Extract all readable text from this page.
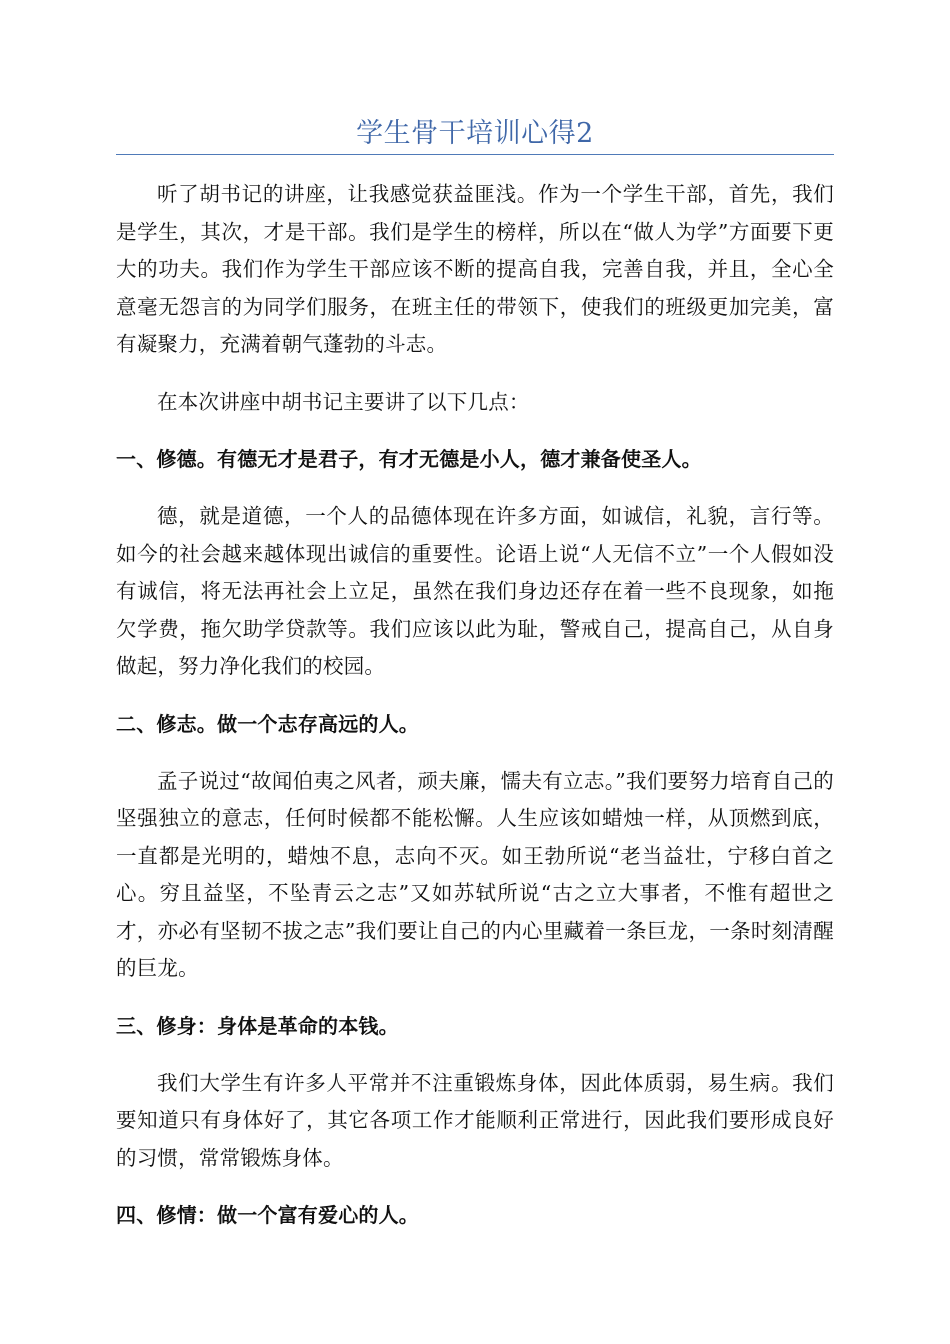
学生骨干培训心得2

听了胡书记的讲座，让我感觉获益匪浅。作为一个学生干部，首先，我们是学生，其次，才是干部。我们是学生的榜样，所以在“做人为学”方面要下更大的功夫。我们作为学生干部应该不断的提高自我，完善自我，并且，全心全意毫无怨言的为同学们服务，在班主任的带领下，使我们的班级更加完美，富有凝聚力，充满着朝气蓬勃的斗志。

在本次讲座中胡书记主要讲了以下几点：

一、修德。有德无才是君子，有才无德是小人，德才兼备使圣人。

德，就是道德，一个人的品德体现在许多方面，如诚信，礼貌，言行等。如今的社会越来越体现出诚信的重要性。论语上说“人无信不立”一个人假如没有诚信，将无法再社会上立足，虽然在我们身边还存在着一些不良现象，如拖欠学费，拖欠助学贷款等。我们应该以此为耻，警戒自己，提高自己，从自身做起，努力净化我们的校园。

二、修志。做一个志存高远的人。

孟子说过“故闻伯夷之风者，顽夫廉，懦夫有立志。”我们要努力培育自己的坚强独立的意志，任何时候都不能松懈。人生应该如蜡烛一样，从顶燃到底，一直都是光明的，蜡烛不息，志向不灭。如王勃所说“老当益壮，宁移白首之心。穷且益坚，不坠青云之志”又如苏轼所说“古之立大事者，不惟有超世之才，亦必有坚韧不拔之志”我们要让自己的内心里藏着一条巨龙，一条时刻清醒的巨龙。

三、修身：身体是革命的本钱。

我们大学生有许多人平常并不注重锻炼身体，因此体质弱，易生病。我们要知道只有身体好了，其它各项工作才能顺利正常进行，因此我们要形成良好的习惯，常常锻炼身体。

四、修情：做一个富有爱心的人。
